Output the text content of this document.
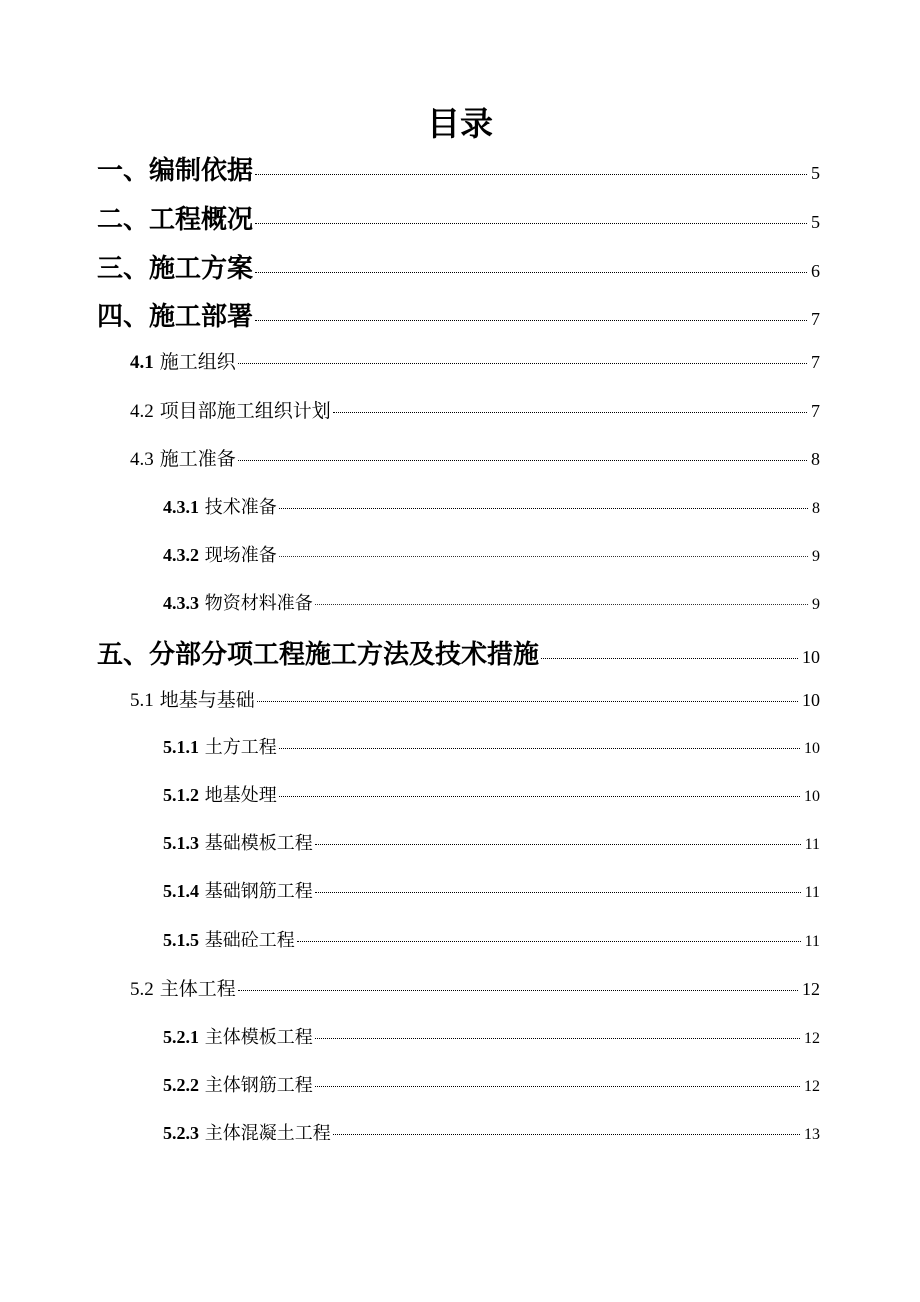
目录
一、编制依据	5
二、工程概况	5
三、施工方案	6
四、施工部署	7
4.1 施工组织	7
4.2 项目部施工组织计划	7
4.3 施工准备	8
4.3.1 技术准备	8
4.3.2 现场准备	9
4.3.3 物资材料准备	9
五、分部分项工程施工方法及技术措施	10
5.1 地基与基础	10
5.1.1 土方工程	10
5.1.2 地基处理	10
5.1.3 基础模板工程	11
5.1.4 基础钢筋工程	11
5.1.5 基础砼工程	11
5.2 主体工程	12
5.2.1 主体模板工程	12
5.2.2 主体钢筋工程	12
5.2.3 主体混凝土工程	13
